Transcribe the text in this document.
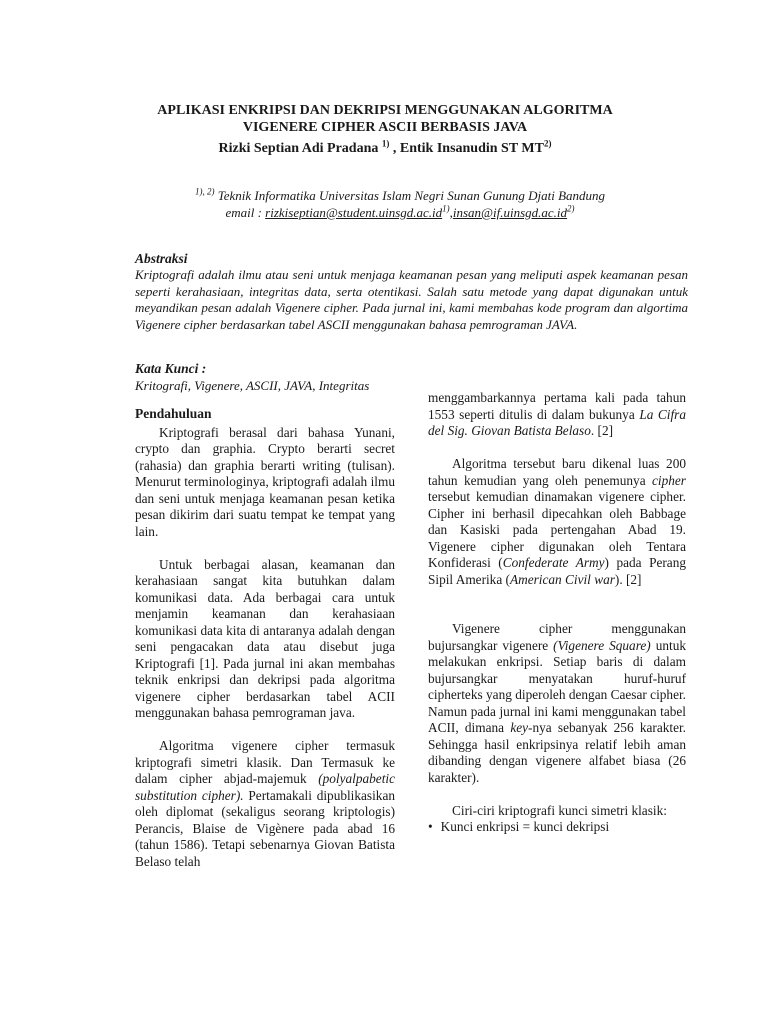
APLIKASI ENKRIPSI DAN DEKRIPSI MENGGUNAKAN ALGORITMA
VIGENERE CIPHER ASCII BERBASIS JAVA
Rizki Septian Adi Pradana $^{1)}$ , Entik Insanudin ST MT$^{2)}$
$^{1), 2)}$ Teknik Informatika Universitas Islam Negri Sunan Gunung Djati Bandung
email : $rizkiseptian@student.uinsgd.ac.id^{1)},insan@if.uinsgd.ac.id^{2)}$
Abstraksi
Kriptografi adalah ilmu atau seni untuk menjaga keamanan pesan yang meliputi aspek keamanan pesan seperti kerahasiaan, integritas data, serta otentikasi. Salah satu metode yang dapat digunakan untuk meyandikan pesan adalah Vigenere cipher. Pada jurnal ini, kami membahas kode program dan algortima Vigenere cipher berdasarkan tabel ASCII menggunakan bahasa pemrograman JAVA.
Kata Kunci :
Kritografi, Vigenere, ASCII, JAVA, Integritas

Pendahuluan

Kriptografi berasal dari bahasa Yunani, crypto dan graphia. Crypto berarti secret (rahasia) dan graphia berarti writing (tulisan). Menurut terminologinya, kriptografi adalah ilmu dan seni untuk menjaga keamanan pesan ketika pesan dikirim dari suatu tempat ke tempat yang lain.

Untuk berbagai alasan, keamanan dan kerahasiaan sangat kita butuhkan dalam komunikasi data. Ada berbagai cara untuk menjamin keamanan dan kerahasiaan komunikasi data kita di antaranya adalah dengan seni pengacakan data atau disebut juga Kriptografi [1]. Pada jurnal ini akan membahas teknik enkripsi dan dekripsi pada algoritma vigenere cipher berdasarkan tabel ACII menggunakan bahasa pemrograman java.

Algoritma vigenere cipher termasuk kriptografi simetri klasik. Dan Termasuk ke dalam cipher abjad-majemuk (polyalpabetic substitution cipher). Pertamakali dipublikasikan oleh diplomat (sekaligus seorang kriptologis) Perancis, Blaise de Vigènere pada abad 16 (tahun 1586). Tetapi sebenarnya Giovan Batista Belaso telah

menggambarkannya pertama kali pada tahun 1553 seperti ditulis di dalam bukunya La Cifra del Sig. Giovan Batista Belaso. [2]

Algoritma tersebut baru dikenal luas 200 tahun kemudian yang oleh penemunya cipher tersebut kemudian dinamakan vigenere cipher. Cipher ini berhasil dipecahkan oleh Babbage dan Kasiski pada pertengahan Abad 19. Vigenere cipher digunakan oleh Tentara Konfiderasi (Confederate Army) pada Perang Sipil Amerika (American Civil war). [2]

Vigenere cipher menggunakan bujursangkar vigenere (Vigenere Square) untuk melakukan enkripsi. Setiap baris di dalam bujursangkar menyatakan huruf-huruf cipherteks yang diperoleh dengan Caesar cipher. Namun pada jurnal ini kami menggunakan tabel ACII, dimana key-nya sebanyak 256 karakter. Sehingga hasil enkripsinya relatif lebih aman dibanding dengan vigenere alfabet biasa (26 karakter).

Ciri-ciri kriptografi kunci simetri klasik:

• Kunci enkripsi = kunci dekripsi
